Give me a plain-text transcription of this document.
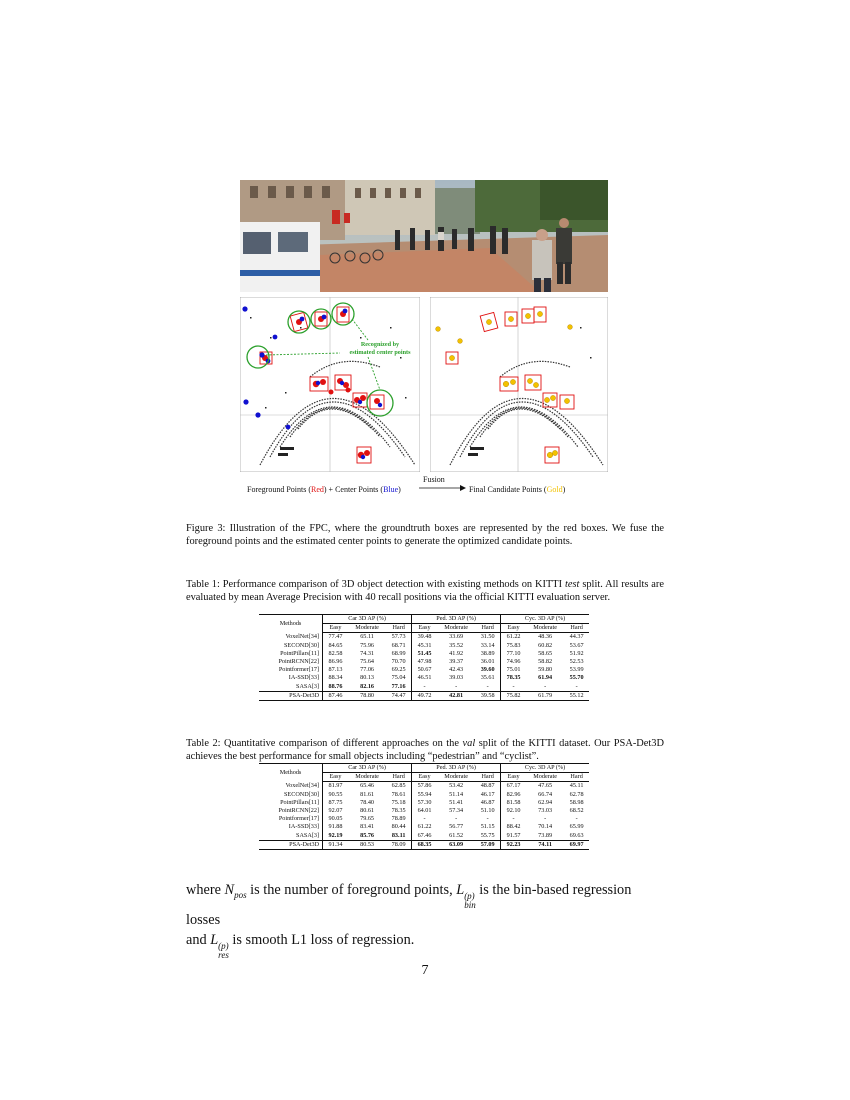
Recognized by
estimated center points
Foreground Points (Red) + Center Points (Blue)
Fusion
Final Candidate Points (Gold)
Figure 3: Illustration of the FPC, where the groundtruth boxes are represented by the red boxes. We fuse the foreground points and the estimated center points to generate the optimized candidate points.
Table 1: Performance comparison of 3D object detection with existing methods on KITTI test split. All results are evaluated by mean Average Precision with 40 recall positions via the official KITTI evaluation server.
Methods	Car 3D AP (%)			Ped. 3D AP (%)			Cyc. 3D AP (%)		
	Easy	Moderate	Hard	Easy	Moderate	Hard	Easy	Moderate	Hard
VoxelNet[34]	77.47	65.11	57.73	39.48	33.69	31.50	61.22	48.36	44.37
SECOND[30]	84.65	75.96	68.71	45.31	35.52	33.14	75.83	60.82	53.67
PointPillars[11]	82.58	74.31	68.99	51.45	41.92	38.89	77.10	58.65	51.92
PointRCNN[22]	86.96	75.64	70.70	47.98	39.37	36.01	74.96	58.82	52.53
Pointformer[17]	87.13	77.06	69.25	50.67	42.43	39.60	75.01	59.80	53.99
IA-SSD[33]	88.34	80.13	75.04	46.51	39.03	35.61	78.35	61.94	55.70
SASA[3]	88.76	82.16	77.16	-	-	-	-	-	-
PSA-Det3D	87.46	78.80	74.47	49.72	42.81	39.58	75.82	61.79	55.12
Table 2: Quantitative comparison of different approaches on the val split of the KITTI dataset. Our PSA-Det3D achieves the best performance for small objects including “pedestrian” and “cyclist”.
Methods	Car 3D AP (%)			Ped. 3D AP (%)			Cyc. 3D AP (%)		
	Easy	Moderate	Hard	Easy	Moderate	Hard	Easy	Moderate	Hard
VoxelNet[34]	81.97	65.46	62.85	57.86	53.42	48.87	67.17	47.65	45.11
SECOND[30]	90.55	81.61	78.61	55.94	51.14	46.17	82.96	66.74	62.78
PointPillars[11]	87.75	78.40	75.18	57.30	51.41	46.87	81.58	62.94	58.98
PointRCNN[22]	92.07	80.61	78.35	64.01	57.34	51.10	92.10	73.03	68.52
Pointformer[17]	90.05	79.65	78.89	-	-	-	-	-	-
IA-SSD[33]	91.88	83.41	80.44	61.22	56.77	51.15	88.42	70.14	65.99
SASA[3]	92.19	85.76	83.11	67.46	61.52	55.75	91.57	73.89	69.63
PSA-Det3D	91.34	80.53	78.09	68.35	63.09	57.09	92.23	74.11	69.97
where $N_{pos}$ is the number of foreground points, L (p)
bin
is the bin-based regression losses
and L (p)
res
is smooth L1 loss of regression.
7
